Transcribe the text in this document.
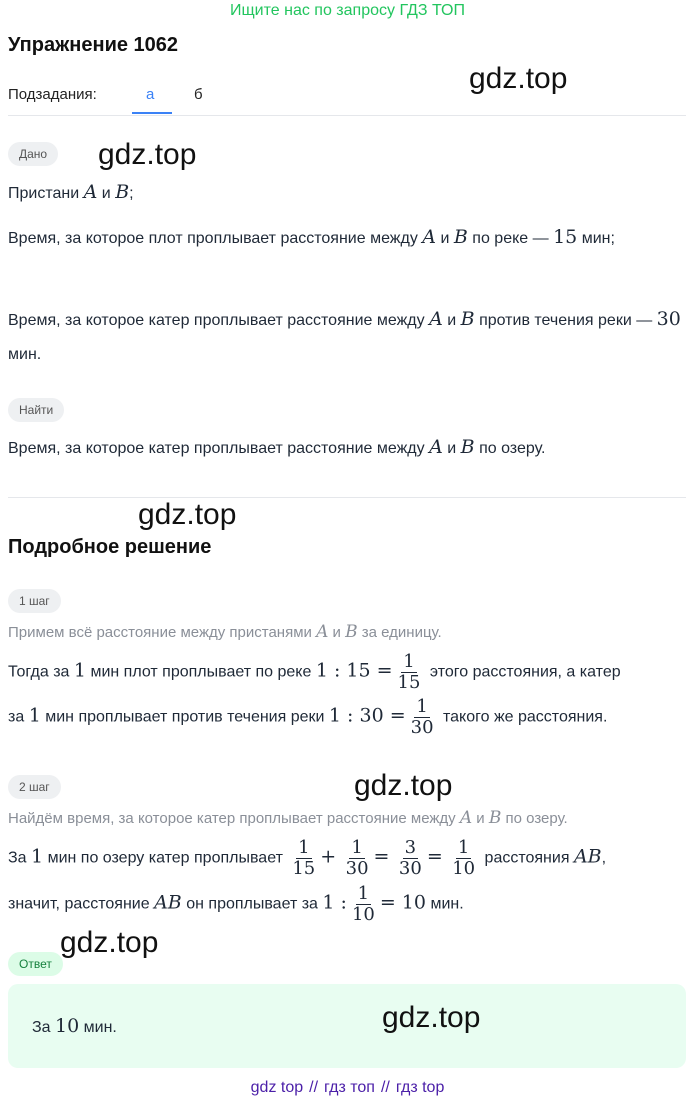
Ищите нас по запросу ГДЗ ТОП
Упражнение 1062
Подзадания:	а	б	gdz.top
Дано	gdz.top
Пристани A и B;
Время, за которое плот проплывает расстояние между A и B по реке — 15 мин;
Время, за которое катер проплывает расстояние между A и B против течения реки — 30 мин.
Найти
Время, за которое катер проплывает расстояние между A и B по озеру.
gdz.top
Подробное решение
1 шаг
Примем всё расстояние между пристанями A и B за единицу.
Тогда за 1 мин плот проплывает по реке 1 : $15 = \frac{1}{15}$ этого расстояния, а катер
за 1 мин проплывает против течения реки 1 : $30 = \frac{1}{30}$ такого же расстояния.
2 шаг	gdz.top
Найдём время, за которое катер проплывает расстояние между A и B по озеру.
За 1 мин по озеру катер проплывает $\frac{1}{15} + \frac{1}{30} = \frac{3}{30} = \frac{1}{10}$ расстояния AB,
значит, расстояние AB он проплывает за 1 : $\frac{1}{10} = 10$ мин.
gdz.top
Ответ
За 10 мин.	gdz.top
gdz top // гдз топ // гдз top
